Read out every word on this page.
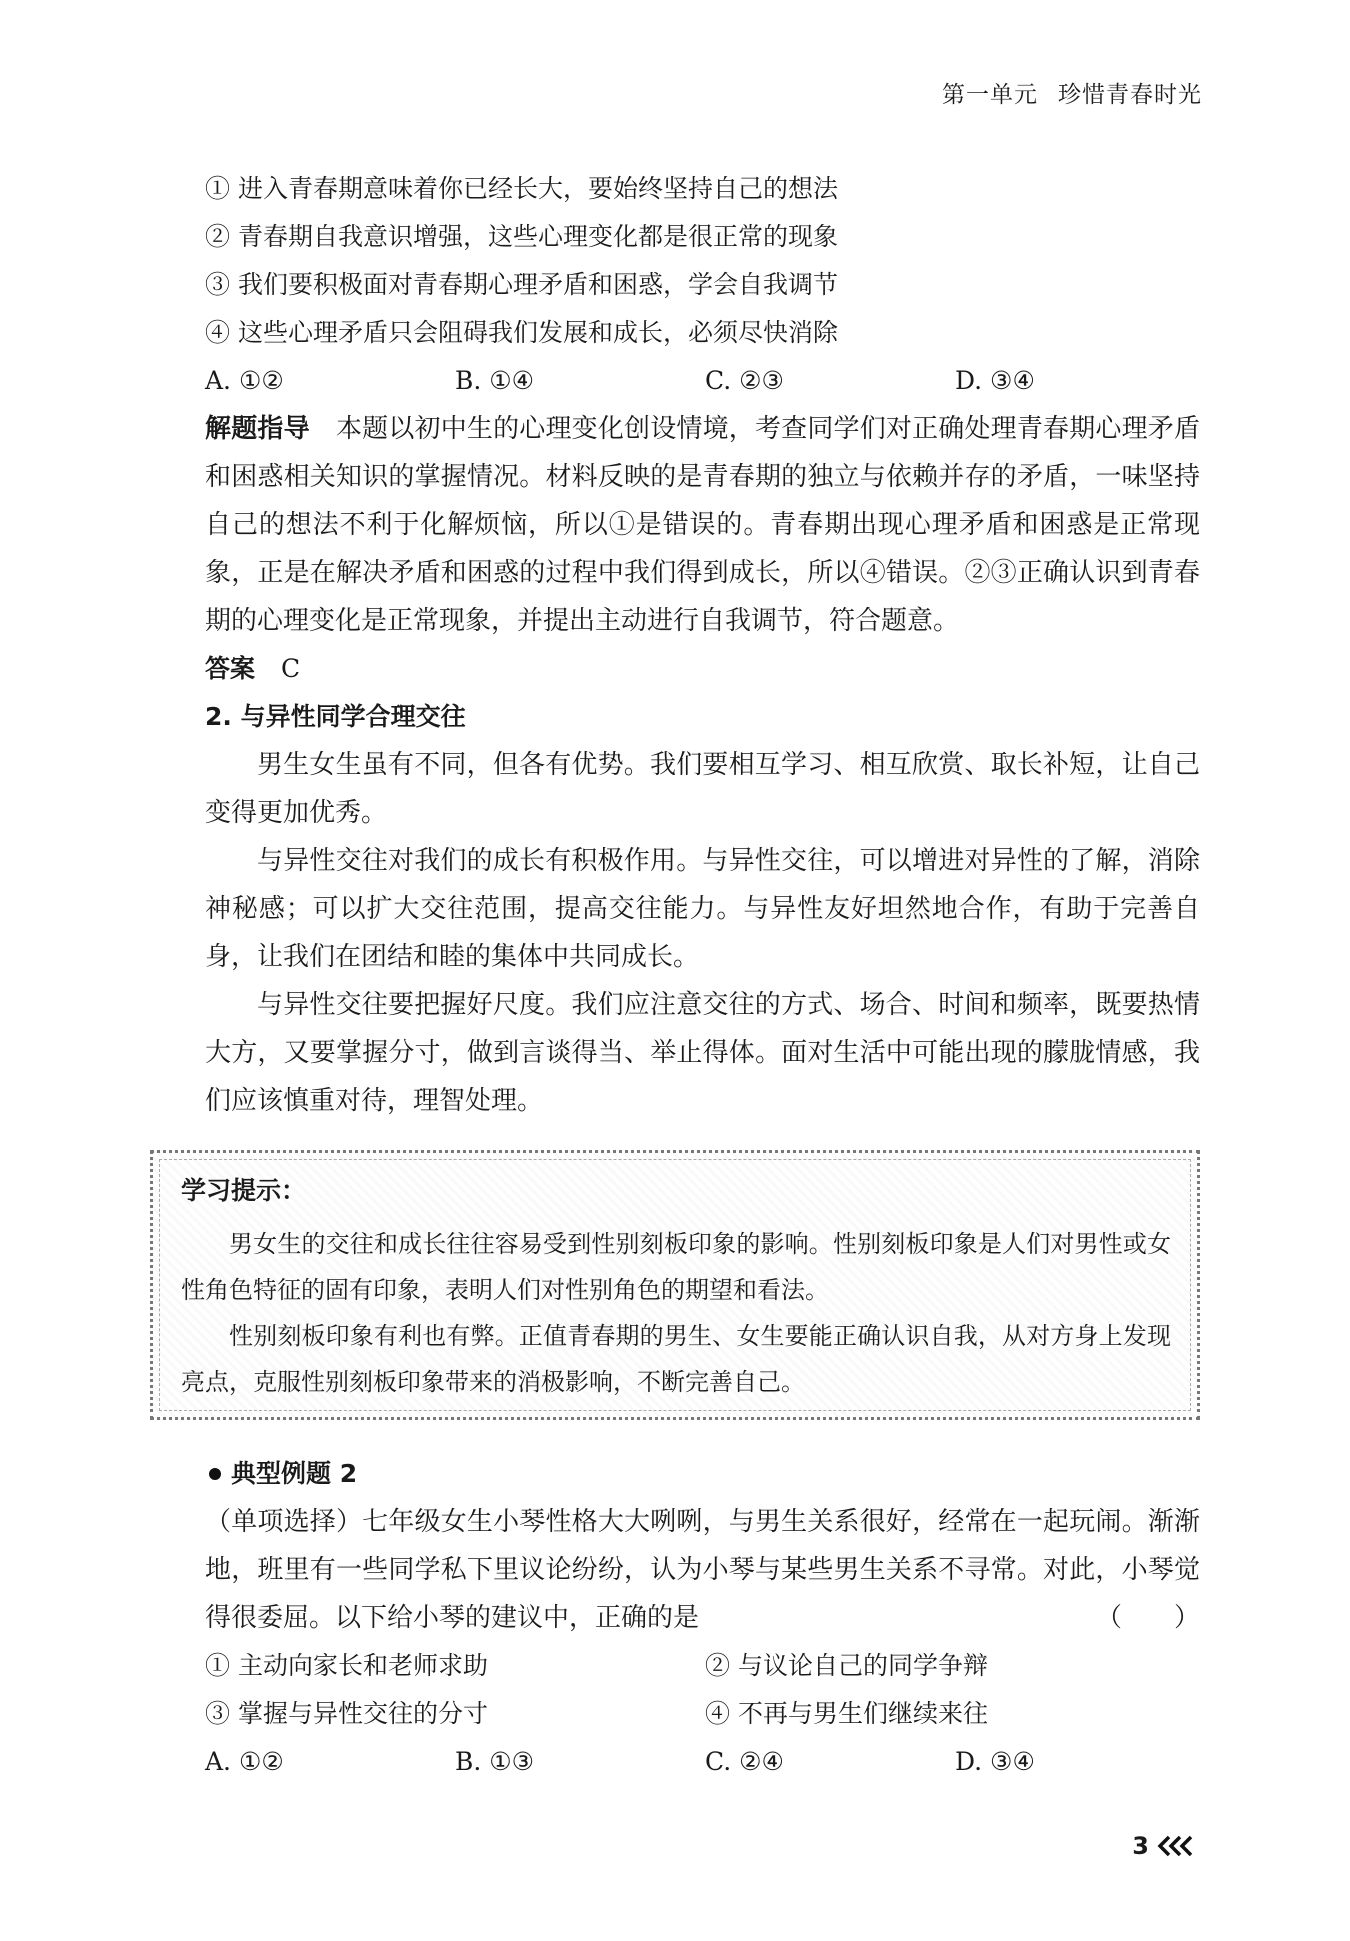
第一单元 珍惜青春时光
① 进入青春期意味着你已经长大，要始终坚持自己的想法
② 青春期自我意识增强，这些心理变化都是很正常的现象
③ 我们要积极面对青春期心理矛盾和困惑，学会自我调节
④ 这些心理矛盾只会阻碍我们发展和成长，必须尽快消除
A. ①②	B. ①④	C. ②③	D. ③④

解题指导 本题以初中生的心理变化创设情境，考查同学们对正确处理青春期心理矛盾和困惑相关知识的掌握情况。材料反映的是青春期的独立与依赖并存的矛盾，一味坚持自己的想法不利于化解烦恼，所以①是错误的。青春期出现心理矛盾和困惑是正常现象，正是在解决矛盾和困惑的过程中我们得到成长，所以④错误。②③正确认识到青春期的心理变化是正常现象，并提出主动进行自我调节，符合题意。

答案 C
2. 与异性同学合理交往

男生女生虽有不同，但各有优势。我们要相互学习、相互欣赏、取长补短，让自己变得更加优秀。

与异性交往对我们的成长有积极作用。与异性交往，可以增进对异性的了解，消除神秘感；可以扩大交往范围，提高交往能力。与异性友好坦然地合作，有助于完善自身，让我们在团结和睦的集体中共同成长。

与异性交往要把握好尺度。我们应注意交往的方式、场合、时间和频率，既要热情大方，又要掌握分寸，做到言谈得当、举止得体。面对生活中可能出现的朦胧情感，我们应该慎重对待，理智处理。

学习提示：

男女生的交往和成长往往容易受到性别刻板印象的影响。性别刻板印象是人们对男性或女性角色特征的固有印象，表明人们对性别角色的期望和看法。

性别刻板印象有利也有弊。正值青春期的男生、女生要能正确认识自我，从对方身上发现亮点，克服性别刻板印象带来的消极影响，不断完善自己。

典型例题 2

（单项选择）七年级女生小琴性格大大咧咧，与男生关系很好，经常在一起玩闹。渐渐地，班里有一些同学私下里议论纷纷，认为小琴与某些男生关系不寻常。对此，小琴觉得很委屈。以下给小琴的建议中，正确的是	（　　）

① 主动向家长和老师求助	② 与议论自己的同学争辩
③ 掌握与异性交往的分寸	④ 不再与男生们继续来往
A. ①②	B. ①③	C. ②④	D. ③④
3
